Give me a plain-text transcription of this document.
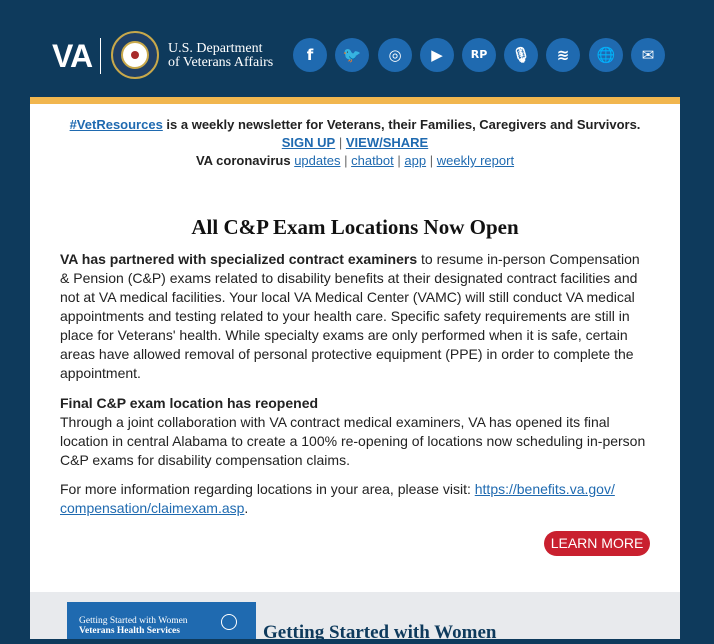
VA	U.S. Department
of Veterans Affairs	f	🐦	◎	▶	RP	🎙	≋	🌐	✉
#VetResources is a weekly newsletter for Veterans, their Families, Caregivers and Survivors.
SIGN UP | VIEW/SHARE
VA coronavirus updates | chatbot | app | weekly report
All C&P Exam Locations Now Open
VA has partnered with specialized contract examiners to resume in-person Compensation & Pension (C&P) exams related to disability benefits at their designated contract facilities and not at VA medical facilities. Your local VA Medical Center (VAMC) will still conduct VA medical appointments and testing related to your health care. Specific safety requirements are still in place for Veterans' health. While specialty exams are only performed when it is safe, certain areas have allowed removal of personal protective equipment (PPE) in order to complete the appointment.
Final C&P exam location has reopened
Through a joint collaboration with VA contract medical examiners, VA has opened its final location in central Alabama to create a 100% re-opening of locations now scheduling in-person C&P exams for disability compensation claims.
For more information regarding locations in your area, please visit: https://benefits.va.gov/
compensation/claimexam.asp.
LEARN MORE
Getting Started with Women
Veterans Health Services	Getting Started with Women
